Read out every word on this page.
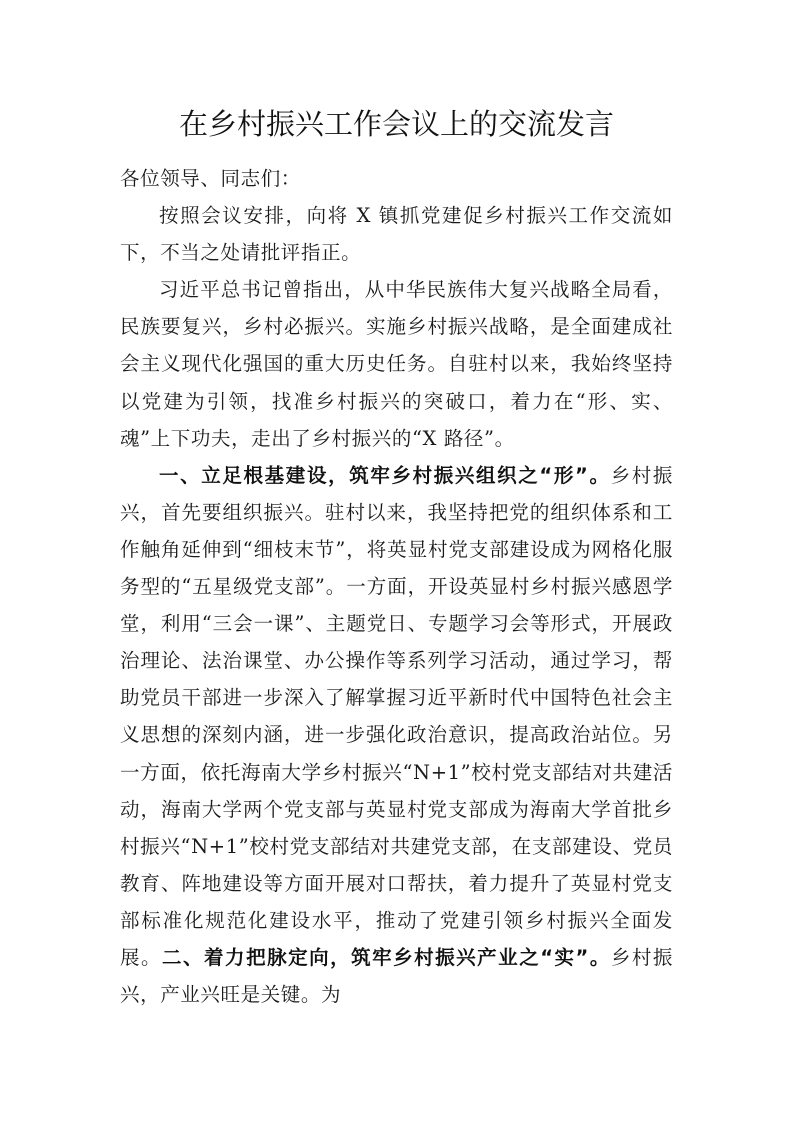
在乡村振兴工作会议上的交流发言

各位领导、同志们：

按照会议安排，向将 X 镇抓党建促乡村振兴工作交流如下，不当之处请批评指正。

习近平总书记曾指出，从中华民族伟大复兴战略全局看，民族要复兴，乡村必振兴。实施乡村振兴战略，是全面建成社会主义现代化强国的重大历史任务。自驻村以来，我始终坚持以党建为引领，找准乡村振兴的突破口，着力在“形、实、魂”上下功夫，走出了乡村振兴的“X 路径”。

一、立足根基建设，筑牢乡村振兴组织之“形”。乡村振兴，首先要组织振兴。驻村以来，我坚持把党的组织体系和工作触角延伸到“细枝末节”，将英显村党支部建设成为网格化服务型的“五星级党支部”。一方面，开设英显村乡村振兴感恩学堂，利用“三会一课”、主题党日、专题学习会等形式，开展政治理论、法治课堂、办公操作等系列学习活动，通过学习，帮助党员干部进一步深入了解掌握习近平新时代中国特色社会主义思想的深刻内涵，进一步强化政治意识，提高政治站位。另一方面，依托海南大学乡村振兴“N+1”校村党支部结对共建活动，海南大学两个党支部与英显村党支部成为海南大学首批乡村振兴“N+1”校村党支部结对共建党支部，在支部建设、党员教育、阵地建设等方面开展对口帮扶，着力提升了英显村党支部标准化规范化建设水平，推动了党建引领乡村振兴全面发展。二、着力把脉定向，筑牢乡村振兴产业之“实”。乡村振兴，产业兴旺是关键。为
